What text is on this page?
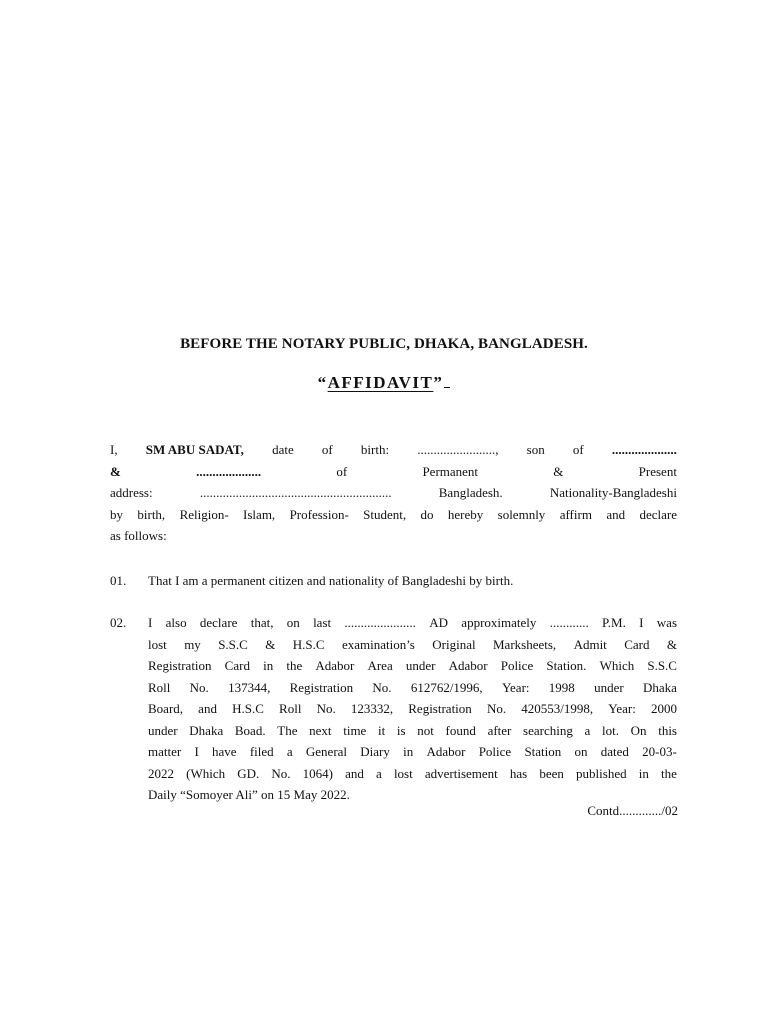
BEFORE THE NOTARY PUBLIC, DHAKA, BANGLADESH.
“AFFIDAVIT”
I, SM ABU SADAT, date of birth: ........................, son of ....................
&	....................	of	Permanent	&	Present
address:	...........................................................	Bangladesh.	Nationality-Bangladeshi
by birth, Religion- Islam, Profession- Student, do hereby solemnly affirm and declare
as follows:
01. That I am a permanent citizen and nationality of Bangladeshi by birth.
02. I also declare that, on last ...................... AD approximately ............ P.M. I was
lost my S.S.C & H.S.C examination’s Original Marksheets, Admit Card &
Registration Card in the Adabor Area under Adabor Police Station. Which S.S.C
Roll No. 137344, Registration No. 612762/1996, Year: 1998 under Dhaka
Board, and H.S.C Roll No. 123332, Registration No. 420553/1998, Year: 2000
under Dhaka Boad. The next time it is not found after searching a lot. On this
matter I have filed a General Diary in Adabor Police Station on dated 20-03-
2022 (Which GD. No. 1064) and a lost advertisement has been published in the
Daily “Somoyer Ali” on 15 May 2022.
Contd............./02
